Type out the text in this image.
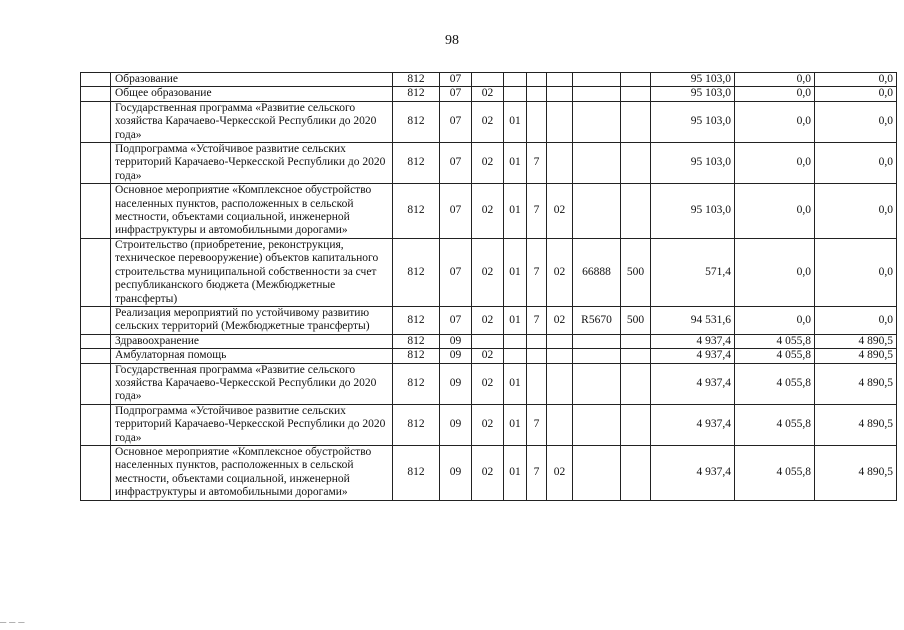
98
	Образование	812	07							95 103,0	0,0	0,0
	Общее образование	812	07	02						95 103,0	0,0	0,0
	Государственная программа «Развитие сельского хозяйства Карачаево-Черкесской Республики до 2020 года»	812	07	02	01					95 103,0	0,0	0,0
	Подпрограмма «Устойчивое развитие сельских территорий Карачаево-Черкесской Республики до 2020 года»	812	07	02	01	7				95 103,0	0,0	0,0
	Основное мероприятие «Комплексное обустройство населенных пунктов, расположенных в сельской местности, объектами социальной, инженерной инфраструктуры и автомобильными дорогами»	812	07	02	01	7	02			95 103,0	0,0	0,0
	Строительство (приобретение, реконструкция, техническое перевооружение) объектов капитального строительства муниципальной собственности за счет республиканского бюджета (Межбюджетные трансферты)	812	07	02	01	7	02	66888	500	571,4	0,0	0,0
	Реализация мероприятий по устойчивому развитию сельских территорий (Межбюджетные трансферты)	812	07	02	01	7	02	R5670	500	94 531,6	0,0	0,0
	Здравоохранение	812	09							4 937,4	4 055,8	4 890,5
	Амбулаторная помощь	812	09	02						4 937,4	4 055,8	4 890,5
	Государственная программа «Развитие сельского хозяйства Карачаево-Черкесской Республики до 2020 года»	812	09	02	01					4 937,4	4 055,8	4 890,5
	Подпрограмма «Устойчивое развитие сельских территорий Карачаево-Черкесской Республики до 2020 года»	812	09	02	01	7				4 937,4	4 055,8	4 890,5
	Основное мероприятие «Комплексное обустройство населенных пунктов, расположенных в сельской местности, объектами социальной, инженерной инфраструктуры и автомобильными дорогами»	812	09	02	01	7	02			4 937,4	4 055,8	4 890,5
▔▔▔
